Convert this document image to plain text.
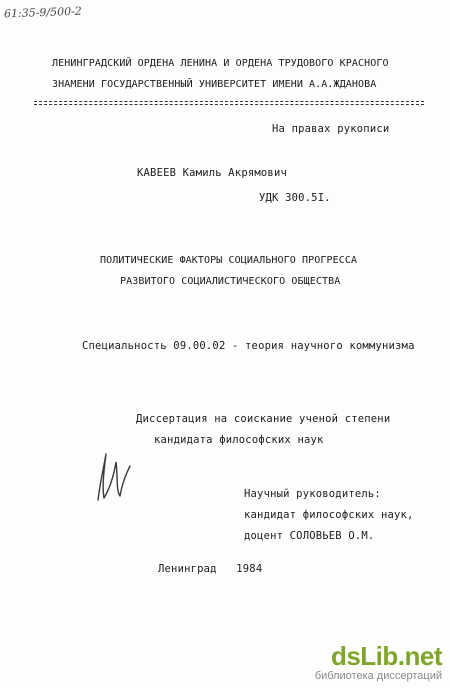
61:35-9/500-2
ЛЕНИНГРАДСКИЙ ОРДЕНА ЛЕНИНА И ОРДЕНА ТРУДОВОГО КРАСНОГО
ЗНАМЕНИ ГОСУДАРСТВЕННЫЙ УНИВЕРСИТЕТ ИМЕНИ А.А.ЖДАНОВА
На правах рукописи
КАВЕЕВ Камиль Акрямович
УДК 300.5I.
ПОЛИТИЧЕСКИЕ ФАКТОРЫ СОЦИАЛЬНОГО ПРОГРЕССА
РАЗВИТОГО СОЦИАЛИСТИЧЕСКОГО ОБЩЕСТВА
Специальность 09.00.02 - теория научного коммунизма
Диссертация на соискание ученой степени
кандидата философских наук
Научный руководитель:
кандидат философских наук,
доцент СОЛОВЬЕВ О.М.
Ленинград   1984
dsLib.net
библиотека диссертаций
